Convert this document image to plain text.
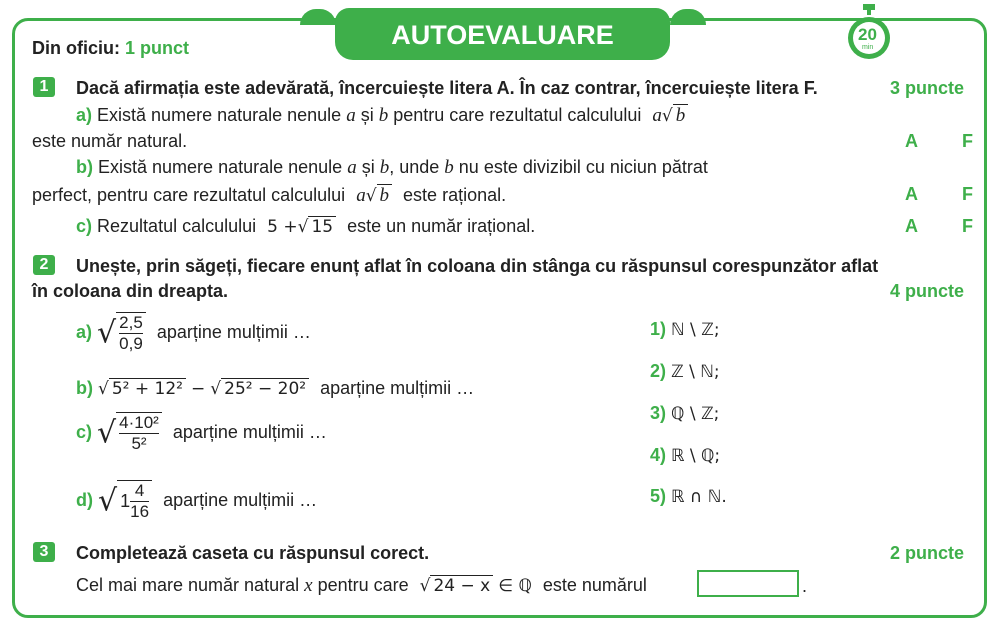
AUTOEVALUARE	20
min
Din oficiu: 1 punct
1	Dacă afirmația este adevărată, încercuiește litera A. În caz contrar, încercuiește litera F.	3 puncte
a) Există numere naturale nenule a și b pentru care rezultatul calculului a√ b
este număr natural.	A F
b) Există numere naturale nenule a și b, unde b nu este divizibil cu niciun pătrat
perfect, pentru care rezultatul calculului a√ b este rațional.	A F
c) Rezultatul calculului 5 +√ 15 este un număr irațional.	A F
2	Unește, prin săgeți, fiecare enunț aflat în coloana din stânga cu răspunsul corespunzător aflat
în coloana din dreapta.	4 puncte
a) √ $\frac{2,5}{0,9}$ aparține mulțimii …
b) √ 5² + 12² − √ 25² − 20² aparține mulțimii …
c) √ $\frac{\text{4·10²}}{\text{5²}}$ aparține mulțimii …
d) √ $1 \frac{4}{16}$ aparține mulțimii …
1) ℕ \ ℤ;
2) ℤ \ ℕ;
3) ℚ \ ℤ;
4) ℝ \ ℚ;
5) ℝ ∩ ℕ.
3	Completează caseta cu răspunsul corect.	2 puncte
Cel mai mare număr natural x pentru care √ 24 − x ∈ ℚ este numărul	.
